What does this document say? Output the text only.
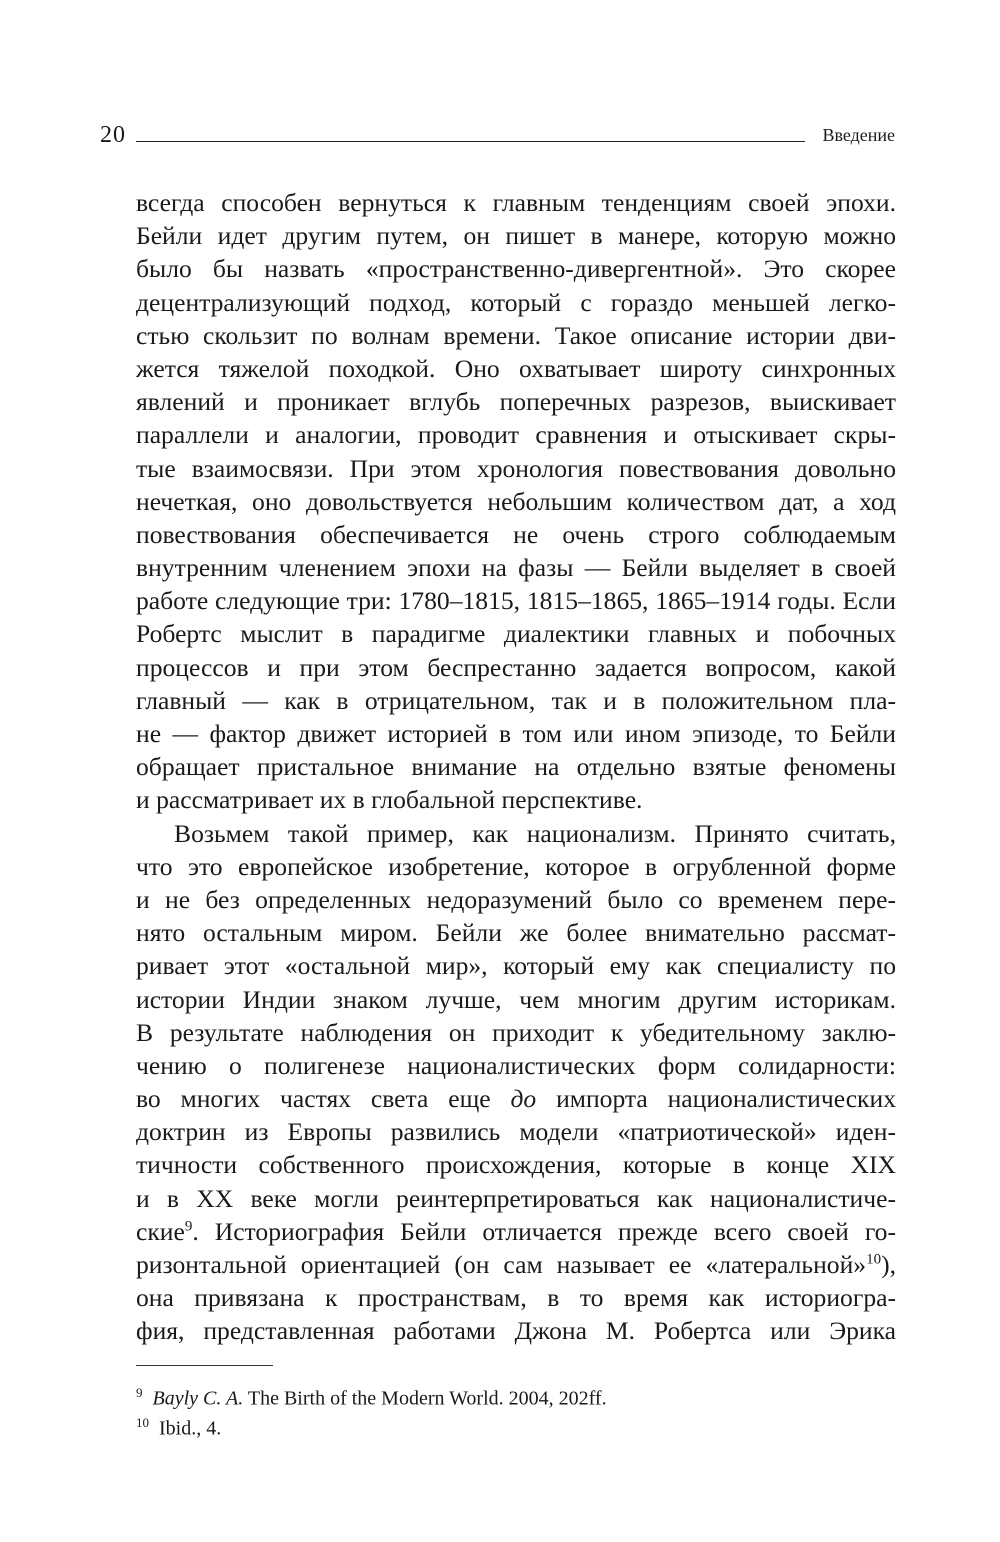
20	Введение
всегда способен вернуться к главным тенденциям своей эпохи.
Бейли идет другим путем, он пишет в манере, которую можно
было бы назвать «пространственно-дивергентной». Это скорее
децентрализующий подход, который с гораздо меньшей легко-
стью скользит по волнам времени. Такое описание истории дви-
жется тяжелой походкой. Оно охватывает широту синхронных
явлений и проникает вглубь поперечных разрезов, выискивает
параллели и аналогии, проводит сравнения и отыскивает скры-
тые взаимосвязи. При этом хронология повествования довольно
нечеткая, оно довольствуется небольшим количеством дат, а ход
повествования обеспечивается не очень строго соблюдаемым
внутренним членением эпохи на фазы — Бейли выделяет в своей
работе следующие три: 1780–1815, 1815–1865, 1865–1914 годы. Если
Робертс мыслит в парадигме диалектики главных и побочных
процессов и при этом беспрестанно задается вопросом, какой
главный — как в отрицательном, так и в положительном пла-
не — фактор движет историей в том или ином эпизоде, то Бейли
обращает пристальное внимание на отдельно взятые феномены
и рассматривает их в глобальной перспективе.
Возьмем такой пример, как национализм. Принято считать,
что это европейское изобретение, которое в огрубленной форме
и не без определенных недоразумений было со временем пере-
нято остальным миром. Бейли же более внимательно рассмат-
ривает этот «остальной мир», который ему как специалисту по
истории Индии знаком лучше, чем многим другим историкам.
В результате наблюдения он приходит к убедительному заклю-
чению о полигенезе националистических форм солидарности:
во многих частях света еще до импорта националистических
доктрин из Европы развились модели «патриотической» иден-
тичности собственного происхождения, которые в конце XIX
и в XX веке могли реинтерпретироваться как националистиче-
ские$^9$. Историография Бейли отличается прежде всего своей го-
ризонтальной ориентацией (он сам называет ее «латеральной»$^{10}$),
она привязана к пространствам, в то время как историогра-
фия, представленная работами Джона М. Робертса или Эрика
$^9$ Bayly C. A. The Birth of the Modern World. 2004, 202ff.
$^{10}$ Ibid., 4.
